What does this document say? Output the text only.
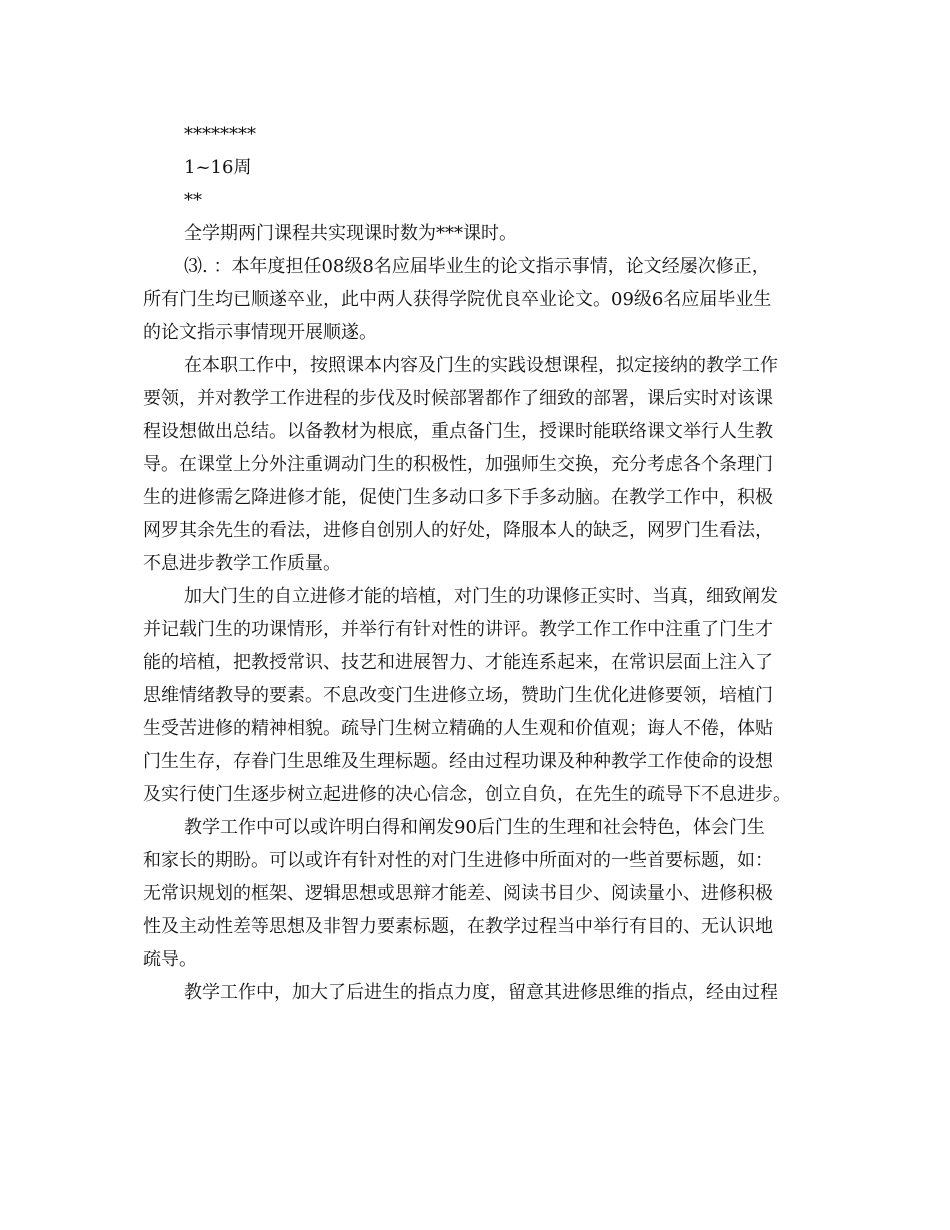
********

1~16周

**

全学期两门课程共实现课时数为***课时。

⑶. ：本年度担任08级8名应届毕业生的论文指示事情，论文经屡次修正，

所有门生均已顺遂卒业，此中两人获得学院优良卒业论文。09级6名应届毕业生

的论文指示事情现开展顺遂。

在本职工作中，按照课本内容及门生的实践设想课程，拟定接纳的教学工作

要领，并对教学工作进程的步伐及时候部署都作了细致的部署，课后实时对该课

程设想做出总结。以备教材为根底，重点备门生，授课时能联络课文举行人生教

导。在课堂上分外注重调动门生的积极性，加强师生交换，充分考虑各个条理门

生的进修需乞降进修才能，促使门生多动口多下手多动脑。在教学工作中，积极

网罗其余先生的看法，进修自创别人的好处，降服本人的缺乏，网罗门生看法，

不息进步教学工作质量。

加大门生的自立进修才能的培植，对门生的功课修正实时、当真，细致阐发

并记载门生的功课情形，并举行有针对性的讲评。教学工作工作中注重了门生才

能的培植，把教授常识、技艺和进展智力、才能连系起来，在常识层面上注入了

思维情绪教导的要素。不息改变门生进修立场，赞助门生优化进修要领，培植门

生受苦进修的精神相貌。疏导门生树立精确的人生观和价值观；诲人不倦，体贴

门生生存，存眷门生思维及生理标题。经由过程功课及种种教学工作使命的设想

及实行使门生逐步树立起进修的决心信念，创立自负，在先生的疏导下不息进步。

教学工作中可以或许明白得和阐发90后门生的生理和社会特色，体会门生

和家长的期盼。可以或许有针对性的对门生进修中所面对的一些首要标题，如：

无常识规划的框架、逻辑思想或思辩才能差、阅读书目少、阅读量小、进修积极

性及主动性差等思想及非智力要素标题，在教学过程当中举行有目的、无认识地

疏导。

教学工作中，加大了后进生的指点力度，留意其进修思维的指点，经由过程
